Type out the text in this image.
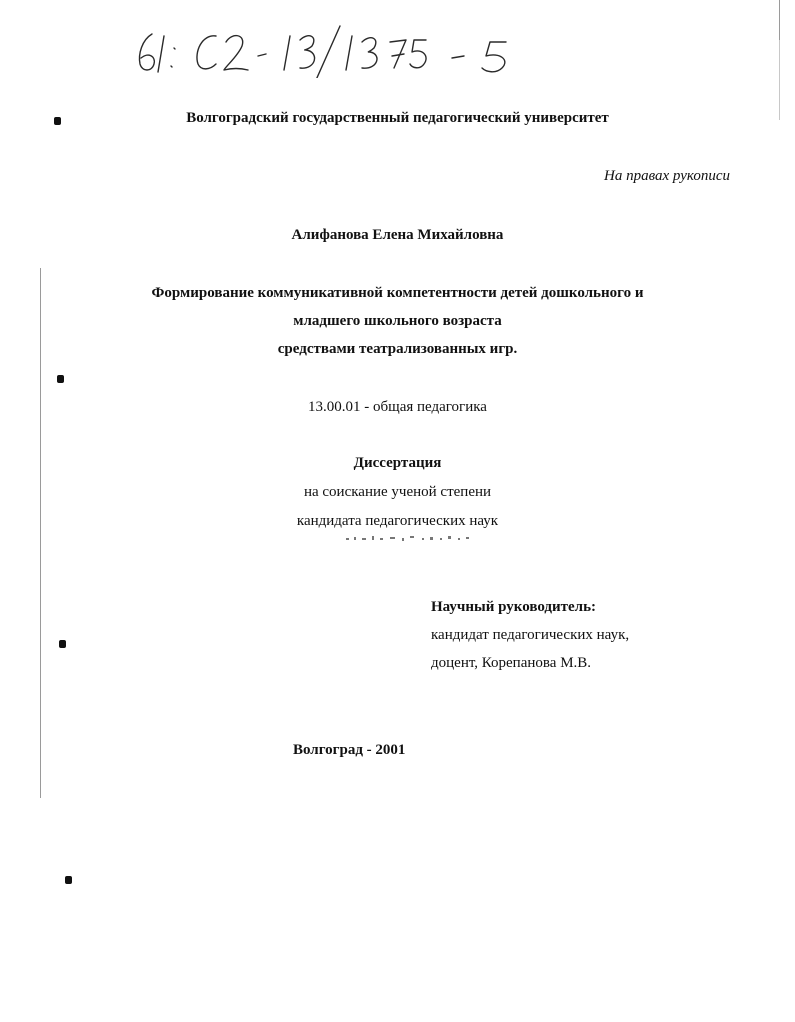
Волгоградский государственный педагогический университет
На правах рукописи
Алифанова Елена Михайловна
Формирование коммуникативной компетентности детей дошкольного и
младшего школьного возраста
средствами театрализованных игр.
13.00.01 - общая педагогика
Диссертация
на соискание ученой степени
кандидата педагогических наук
Научный руководитель:
кандидат педагогических наук,
доцент, Корепанова М.В.
Волгоград - 2001
